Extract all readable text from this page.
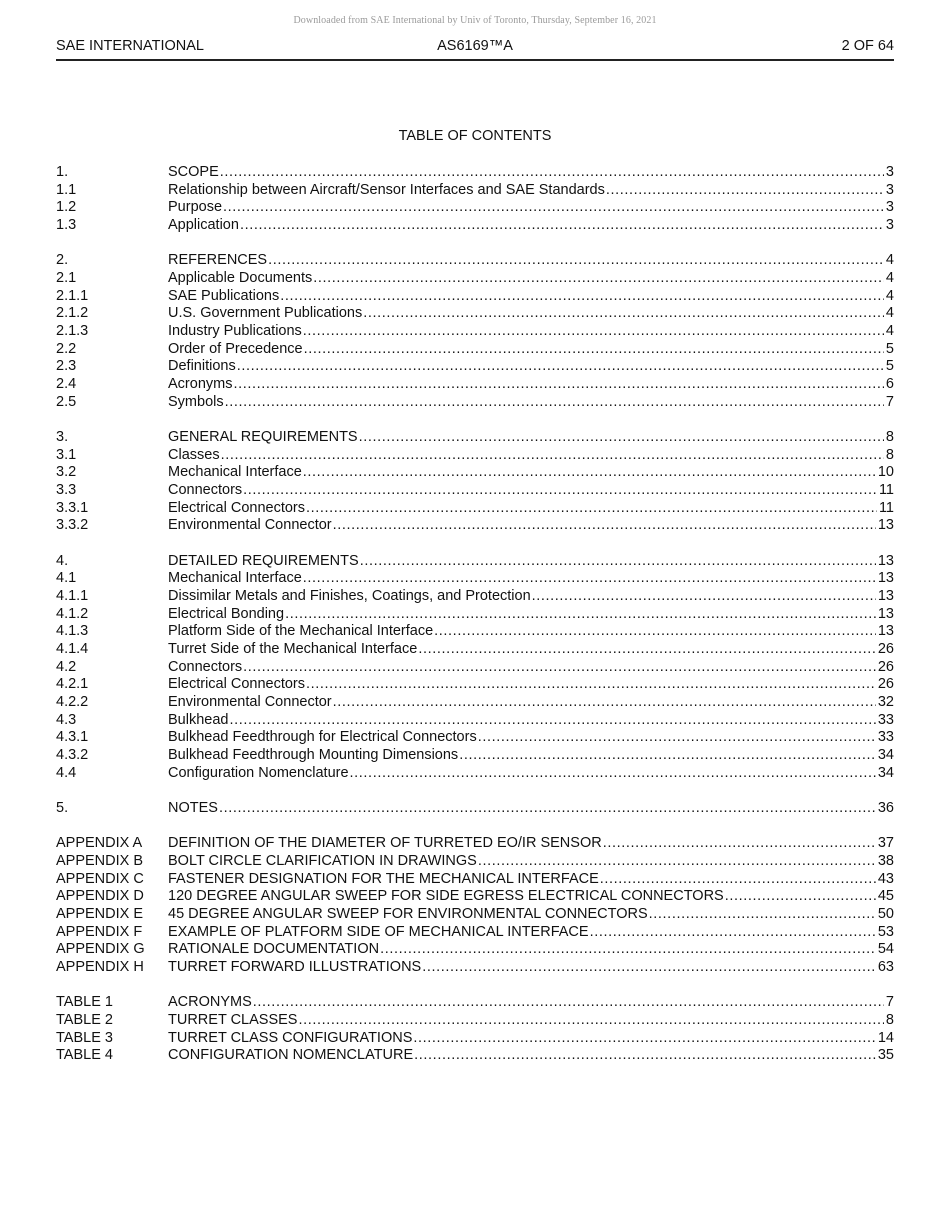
Downloaded from SAE International by Univ of Toronto, Thursday, September 16, 2021
SAE INTERNATIONAL	AS6169™A	2 OF 64
TABLE OF CONTENTS
1.	SCOPE .....	3
1.1	Relationship between Aircraft/Sensor Interfaces and SAE Standards .....	3
1.2	Purpose .....	3
1.3	Application .....	3
2.	REFERENCES .....	4
2.1	Applicable Documents .....	4
2.1.1	SAE Publications .....	4
2.1.2	U.S. Government Publications .....	4
2.1.3	Industry Publications .....	4
2.2	Order of Precedence .....	5
2.3	Definitions .....	5
2.4	Acronyms .....	6
2.5	Symbols .....	7
3.	GENERAL REQUIREMENTS .....	8
3.1	Classes .....	8
3.2	Mechanical Interface .....	10
3.3	Connectors .....	11
3.3.1	Electrical Connectors .....	11
3.3.2	Environmental Connector .....	13
4.	DETAILED REQUIREMENTS .....	13
4.1	Mechanical Interface .....	13
4.1.1	Dissimilar Metals and Finishes, Coatings, and Protection .....	13
4.1.2	Electrical Bonding .....	13
4.1.3	Platform Side of the Mechanical Interface .....	13
4.1.4	Turret Side of the Mechanical Interface .....	26
4.2	Connectors .....	26
4.2.1	Electrical Connectors .....	26
4.2.2	Environmental Connector .....	32
4.3	Bulkhead .....	33
4.3.1	Bulkhead Feedthrough for Electrical Connectors .....	33
4.3.2	Bulkhead Feedthrough Mounting Dimensions .....	34
4.4	Configuration Nomenclature .....	34
5.	NOTES .....	36
APPENDIX A DEFINITION OF THE DIAMETER OF TURRETED EO/IR SENSOR .....	37
APPENDIX B BOLT CIRCLE CLARIFICATION IN DRAWINGS .....	38
APPENDIX C FASTENER DESIGNATION FOR THE MECHANICAL INTERFACE .....	43
APPENDIX D 120 DEGREE ANGULAR SWEEP FOR SIDE EGRESS ELECTRICAL CONNECTORS .....	45
APPENDIX E 45 DEGREE ANGULAR SWEEP FOR ENVIRONMENTAL CONNECTORS .....	50
APPENDIX F EXAMPLE OF PLATFORM SIDE OF MECHANICAL INTERFACE .....	53
APPENDIX G RATIONALE DOCUMENTATION .....	54
APPENDIX H TURRET FORWARD ILLUSTRATIONS .....	63
TABLE 1	ACRONYMS .....	7
TABLE 2	TURRET CLASSES .....	8
TABLE 3	TURRET CLASS CONFIGURATIONS .....	14
TABLE 4	CONFIGURATION NOMENCLATURE .....	35
